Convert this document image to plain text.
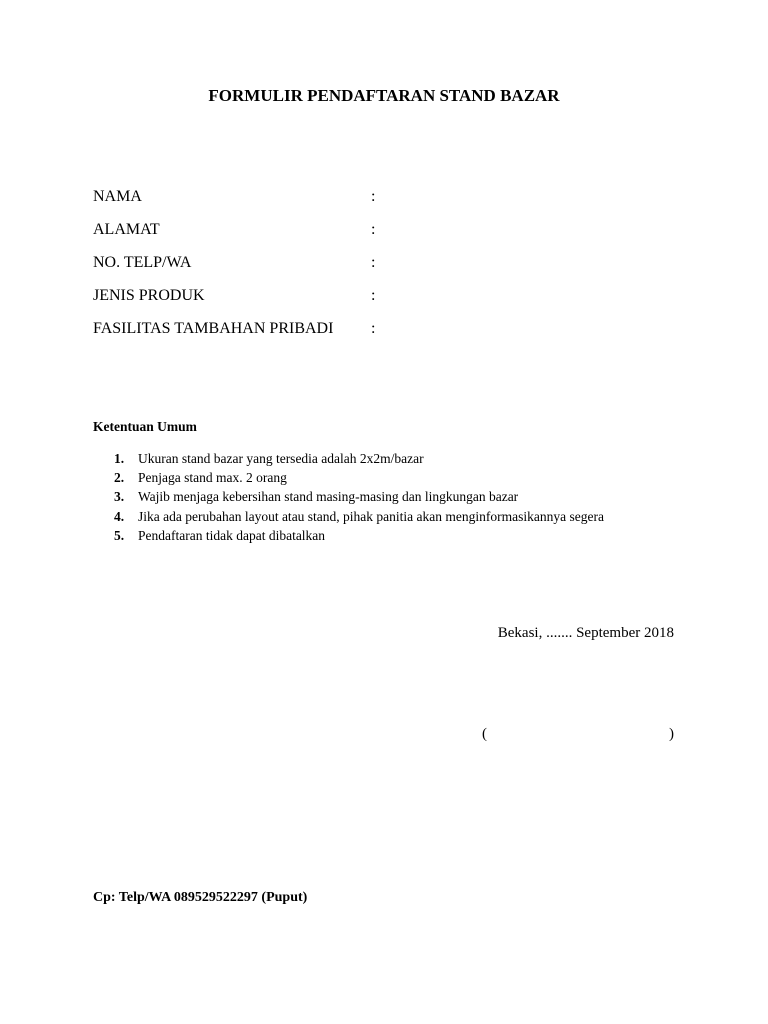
FORMULIR PENDAFTARAN STAND BAZAR
NAMA	:
ALAMAT	:
NO. TELP/WA	:
JENIS PRODUK	:
FASILITAS TAMBAHAN PRIBADI :
Ketentuan Umum
1. Ukuran stand bazar yang tersedia adalah 2x2m/bazar
2. Penjaga stand max. 2 orang
3. Wajib menjaga kebersihan stand masing-masing dan lingkungan bazar
4. Jika ada perubahan layout atau stand, pihak panitia akan menginformasikannya segera
5. Pendaftaran tidak dapat dibatalkan
Bekasi, ....... September 2018
(	)
Cp: Telp/WA 089529522297 (Puput)
